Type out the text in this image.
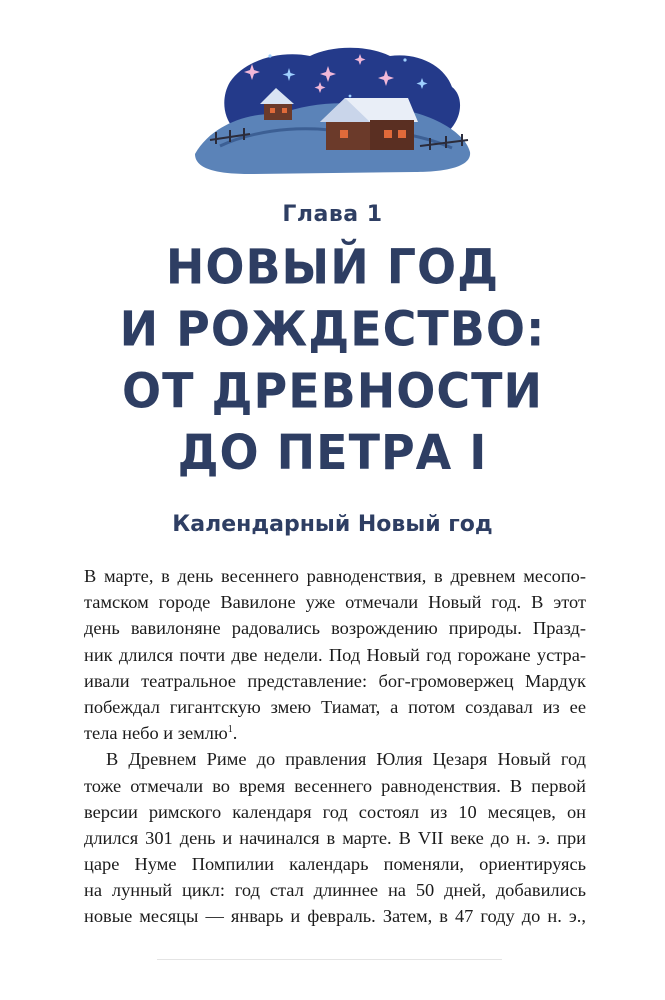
Глава 1
НОВЫЙ ГОД
И РОЖДЕСТВО:
ОТ ДРЕВНОСТИ
ДО ПЕТРА I
Календарный Новый год
В марте, в день весеннего равноденствия, в древнем месопо-
тамском городе Вавилоне уже отмечали Новый год. В этот
день вавилоняне радовались возрождению природы. Празд-
ник длился почти две недели. Под Новый год горожане устра-
ивали театральное представление: бог-громовержец Мардук
побеждал гигантскую змею Тиамат, а потом создавал из ее
тела небо и землю$^1$.
В Древнем Риме до правления Юлия Цезаря Новый год
тоже отмечали во время весеннего равноденствия. В первой
версии римского календаря год состоял из 10 месяцев, он
длился 301 день и начинался в марте. В VII веке до н. э. при
царе Нуме Помпилии календарь поменяли, ориентируясь
на лунный цикл: год стал длиннее на 50 дней, добавились
новые месяцы — январь и февраль. Затем, в 47 году до н. э.,
